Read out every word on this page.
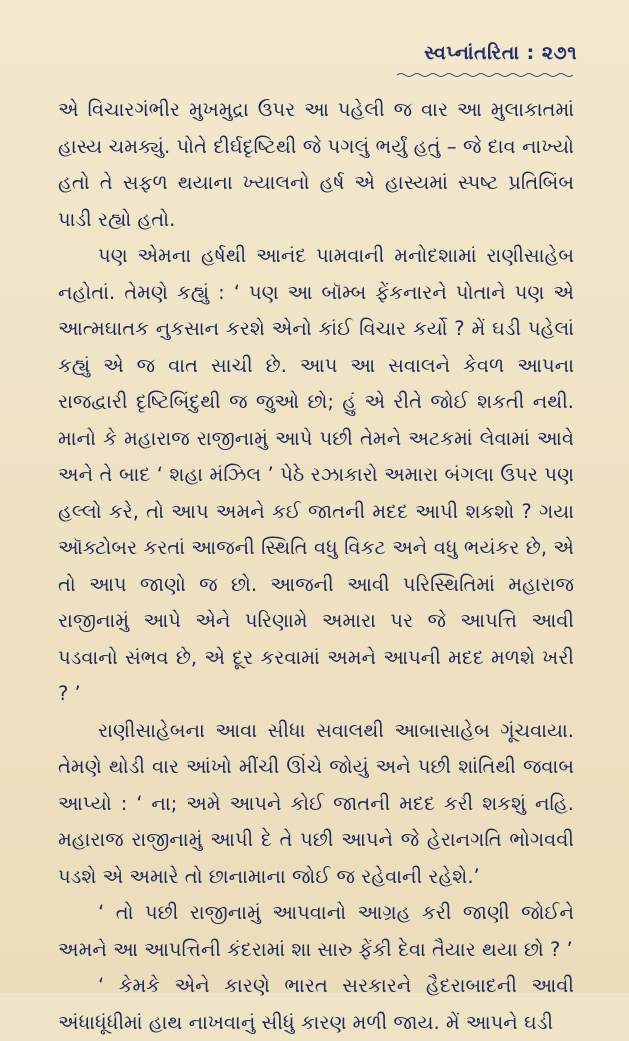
સ્વપ્નાંતરિતા : ૨૭૧

એ વિચારગંભીર મુખમુદ્રા ઉપર આ પહેલી જ વાર આ મુલાકાતમાં હાસ્ય ચમક્યું. પોતે દીર્ઘદૃષ્ટિથી જે પગલું ભર્યું હતું – જે દાવ નાખ્યો હતો તે સફળ થયાના ખ્યાલનો હર્ષ એ હાસ્યમાં સ્પષ્ટ પ્રતિબિંબ પાડી રહ્યો હતો.

પણ એમના હર્ષથી આનંદ પામવાની મનોદશામાં રાણીસાહેબ નહોતાં. તેમણે કહ્યું : ‘ પણ આ બૉમ્બ ફેંકનારને પોતાને પણ એ આત્મઘાતક નુકસાન કરશે એનો કાંઈ વિચાર કર્યો ? મેં ઘડી પહેલાં કહ્યું એ જ વાત સાચી છે. આપ આ સવાલને કેવળ આપના રાજદ્વારી દૃષ્ટિબિંદુથી જ જુઓ છો; હું એ રીતે જોઈ શકતી નથી. માનો કે મહારાજ રાજીનામું આપે પછી તેમને અટકમાં લેવામાં આવે અને તે બાદ ‘ શહા મંઝિલ ’ પેઠે રઝાકારો અમારા બંગલા ઉપર પણ હલ્લો કરે, તો આપ અમને કઈ જાતની મદદ આપી શકશો ? ગયા ઑક્ટોબર કરતાં આજની સ્થિતિ વધુ વિકટ અને વધુ ભયંકર છે, એ તો આપ જાણો જ છો. આજની આવી પરિસ્થિતિમાં મહારાજ રાજીનામું આપે એને પરિણામે અમારા પર જે આપત્તિ આવી પડવાનો સંભવ છે, એ દૂર કરવામાં અમને આપની મદદ મળશે ખરી ? ’

રાણીસાહેબના આવા સીધા સવાલથી આબાસાહેબ ગૂંચવાયા. તેમણે થોડી વાર આંખો મીંચી ઊંચે જોયું અને પછી શાંતિથી જવાબ આપ્યો : ‘ ના; અમે આપને કોઈ જાતની મદદ કરી શકશું નહિ. મહારાજ રાજીનામું આપી દે તે પછી આપને જે હેરાનગતિ ભોગવવી પડશે એ અમારે તો છાનામાના જોઈ જ રહેવાની રહેશે.’

‘ તો પછી રાજીનામું આપવાનો આગ્રહ કરી જાણી જોઈને અમને આ આપત્તિની કંદરામાં શા સારુ ફેંકી દેવા તૈયાર થયા છો ? ’

‘ કેમકે એને કારણે ભારત સરકારને હૈદરાબાદની આવી અંધાધૂંધીમાં હાથ નાખવાનું સીધું કારણ મળી જાય. મેં આપને ઘડી
